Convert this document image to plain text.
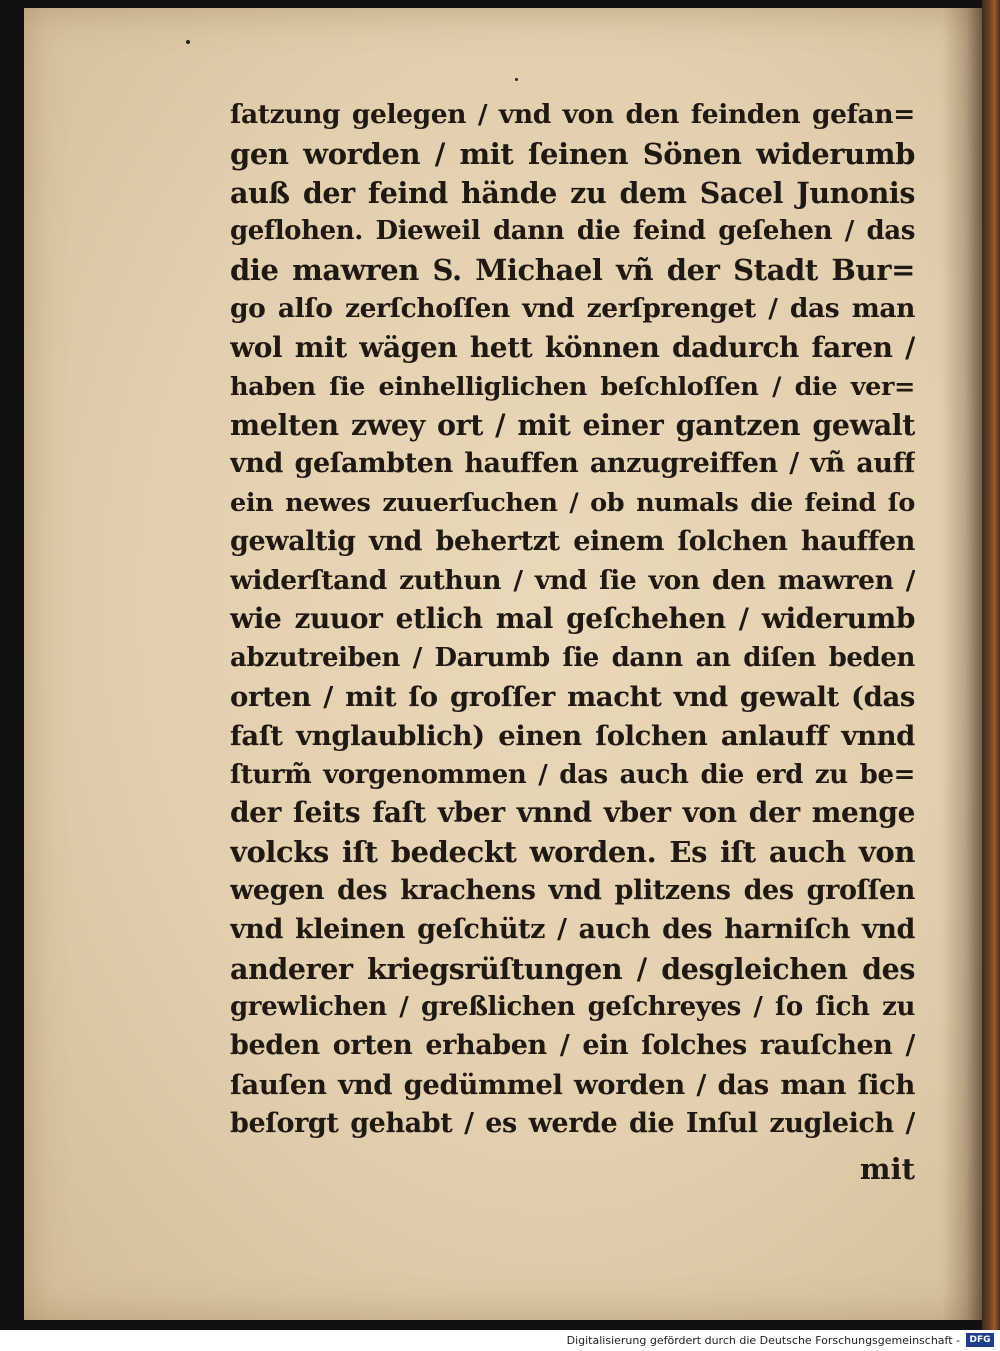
ſatzung gelegen / vnd von den feinden gefan=
gen worden / mit ſeinen Sönen widerumb
auß der feind hände zu dem Sacel Junonis
geflohen. Dieweil dann die feind geſehen / das
die mawren S. Michael vñ der Stadt Bur=
go alſo zerſchoſſen vnd zerſprenget / das man
wol mit wägen hett können dadurch faren /
haben ſie einhelliglichen beſchloſſen / die ver=
melten zwey ort / mit einer gantzen gewalt
vnd geſambten hauffen anzugreiffen / vñ auff
ein newes zuuerſuchen / ob numals die feind ſo
gewaltig vnd behertzt einem ſolchen hauffen
widerſtand zuthun / vnd ſie von den mawren /
wie zuuor etlich mal geſchehen / widerumb
abzutreiben / Darumb ſie dann an diſen beden
orten / mit ſo groſſer macht vnd gewalt (das
faſt vnglaublich) einen ſolchen anlauff vnnd
ſturm̃ vorgenommen / das auch die erd zu be=
der ſeits faſt vber vnnd vber von der menge
volcks iſt bedeckt worden. Es iſt auch von
wegen des krachens vnd plitzens des groſſen
vnd kleinen geſchütz / auch des harniſch vnd
anderer kriegsrüſtungen / desgleichen des
grewlichen / greßlichen geſchreyes / ſo ſich zu
beden orten erhaben / ein ſolches rauſchen /
ſauſen vnd gedümmel worden / das man ſich
beſorgt gehabt / es werde die Inſul zugleich /
mit
Digitalisierung gefördert durch die Deutsche Forschungsgemeinschaft -	DFG
